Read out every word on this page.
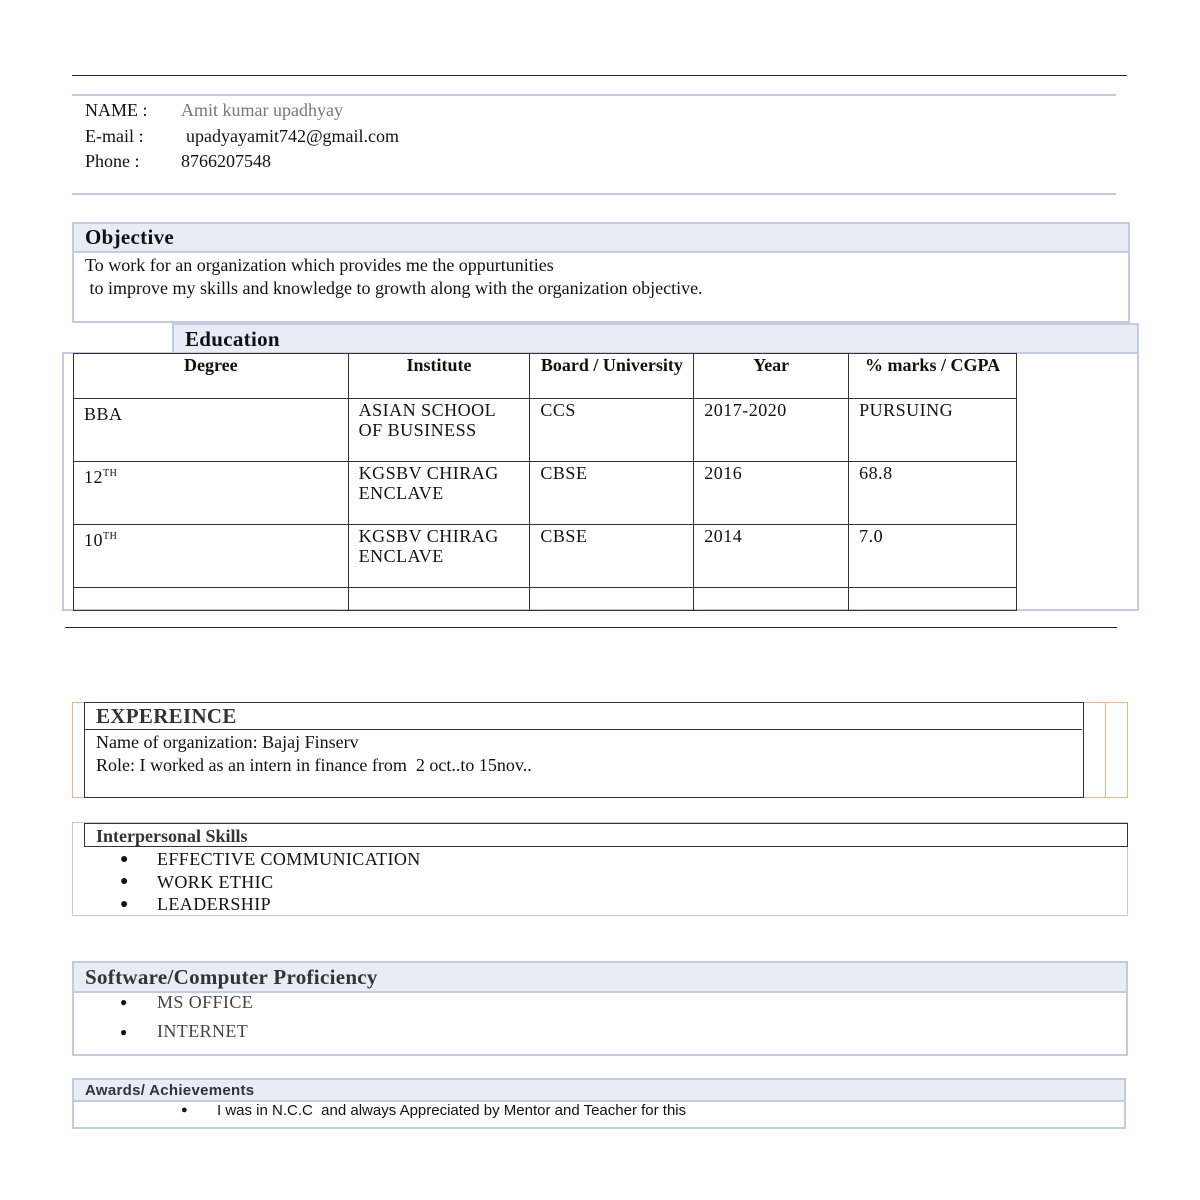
NAME : Amit kumar upadhyay
E-mail : upadyayamit742@gmail.com
Phone : 8766207548
Objective
To work for an organization which provides me the oppurtunities
to improve my skills and knowledge to growth along with the organization objective.
Education
Degree	Institute	Board / University	Year	% marks / CGPA
BBA	ASIAN SCHOOL OF BUSINESS	CCS	2017-2020	PURSUING
12TH	KGSBV CHIRAG ENCLAVE	CBSE	2016	68.8
10TH	KGSBV CHIRAG ENCLAVE	CBSE	2014	7.0

EXPEREINCE
Name of organization: Bajaj Finserv
Role: I worked as an intern in finance from  2 oct..to 15nov..
Interpersonal Skills
● EFFECTIVE COMMUNICATION
● WORK ETHIC
● LEADERSHIP
Software/Computer Proficiency
● MS OFFICE
● INTERNET
Awards/ Achievements
● I was in N.C.C  and always Appreciated by Mentor and Teacher for this
